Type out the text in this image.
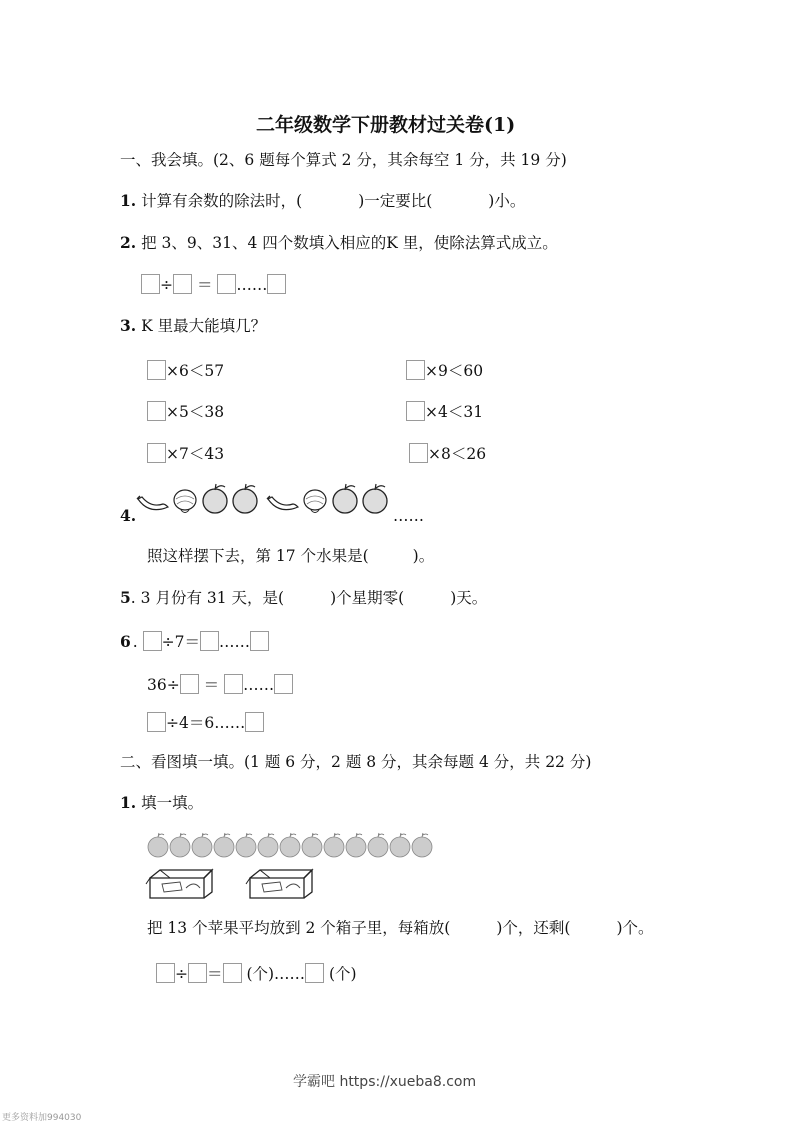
二年级数学下册教材过关卷(1)
一、我会填。(2、6 题每个算式 2 分，其余每空 1 分，共 19 分)
1. 计算有余数的除法时，(	)一定要比(	)小。
2. 把 3、9、31、4 四个数填入相应的K 里，使除法算式成立。
÷ ＝ ……
3. K 里最大能填几？
×6＜57	×9＜60
×5＜38	×4＜31
×7＜43	×8＜26
4.	……
照这样摆下去，第 17 个水果是(	)。
5. 3 月份有 31 天，是(	)个星期零(	)天。
6 . ÷7＝ ……
36÷ ＝ ……
÷4＝6……
二、看图填一填。(1 题 6 分，2 题 8 分，其余每题 4 分，共 22 分)
1. 填一填。
把 13 个苹果平均放到 2 个箱子里，每箱放(	)个，还剩(	)个。
÷ ＝ (个)…… (个)
学霸吧 https://xueba8.com
更多资料加994030
